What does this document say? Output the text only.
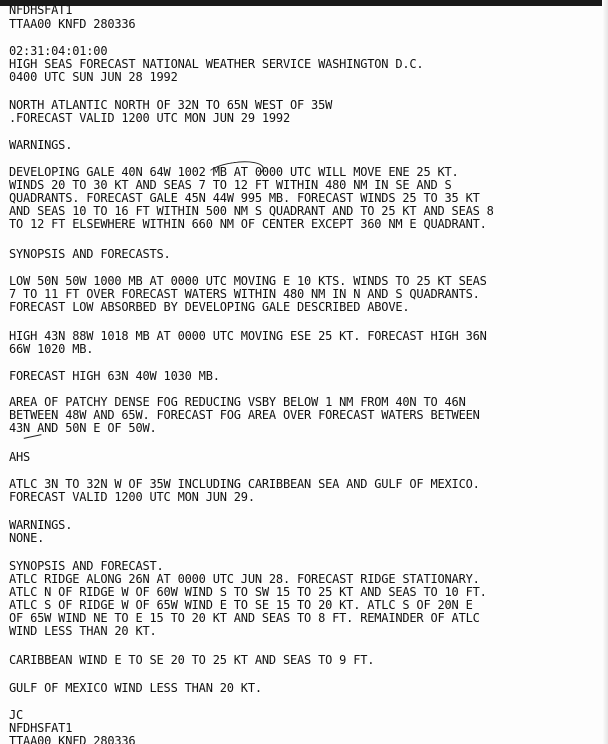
NFDHSFAT1

TTAA00 KNFD 280336

02:31:04:01:00

HIGH SEAS FORECAST NATIONAL WEATHER SERVICE WASHINGTON D.C.

0400 UTC SUN JUN 28 1992

NORTH ATLANTIC NORTH OF 32N TO 65N WEST OF 35W

.FORECAST VALID 1200 UTC MON JUN 29 1992

WARNINGS.

DEVELOPING GALE 40N 64W 1002 MB AT 0000 UTC WILL MOVE ENE 25 KT.

WINDS 20 TO 30 KT AND SEAS 7 TO 12 FT WITHIN 480 NM IN SE AND S

QUADRANTS. FORECAST GALE 45N 44W 995 MB. FORECAST WINDS 25 TO 35 KT

AND SEAS 10 TO 16 FT WITHIN 500 NM S QUADRANT AND TO 25 KT AND SEAS 8

TO 12 FT ELSEWHERE WITHIN 660 NM OF CENTER EXCEPT 360 NM E QUADRANT.

SYNOPSIS AND FORECASTS.

LOW 50N 50W 1000 MB AT 0000 UTC MOVING E 10 KTS. WINDS TO 25 KT SEAS

7 TO 11 FT OVER FORECAST WATERS WITHIN 480 NM IN N AND S QUADRANTS.

FORECAST LOW ABSORBED BY DEVELOPING GALE DESCRIBED ABOVE.

HIGH 43N 88W 1018 MB AT 0000 UTC MOVING ESE 25 KT. FORECAST HIGH 36N

66W 1020 MB.

FORECAST HIGH 63N 40W 1030 MB.

AREA OF PATCHY DENSE FOG REDUCING VSBY BELOW 1 NM FROM 40N TO 46N

BETWEEN 48W AND 65W. FORECAST FOG AREA OVER FORECAST WATERS BETWEEN

43N AND 50N E OF 50W.

AHS

ATLC 3N TO 32N W OF 35W INCLUDING CARIBBEAN SEA AND GULF OF MEXICO.

FORECAST VALID 1200 UTC MON JUN 29.

WARNINGS.

NONE.

SYNOPSIS AND FORECAST.

ATLC RIDGE ALONG 26N AT 0000 UTC JUN 28. FORECAST RIDGE STATIONARY.

ATLC N OF RIDGE W OF 60W WIND S TO SW 15 TO 25 KT AND SEAS TO 10 FT.

ATLC S OF RIDGE W OF 65W WIND E TO SE 15 TO 20 KT. ATLC S OF 20N E

OF 65W WIND NE TO E 15 TO 20 KT AND SEAS TO 8 FT. REMAINDER OF ATLC

WIND LESS THAN 20 KT.

CARIBBEAN WIND E TO SE 20 TO 25 KT AND SEAS TO 9 FT.

GULF OF MEXICO WIND LESS THAN 20 KT.

JC

NFDHSFAT1

TTAA00 KNFD 280336
